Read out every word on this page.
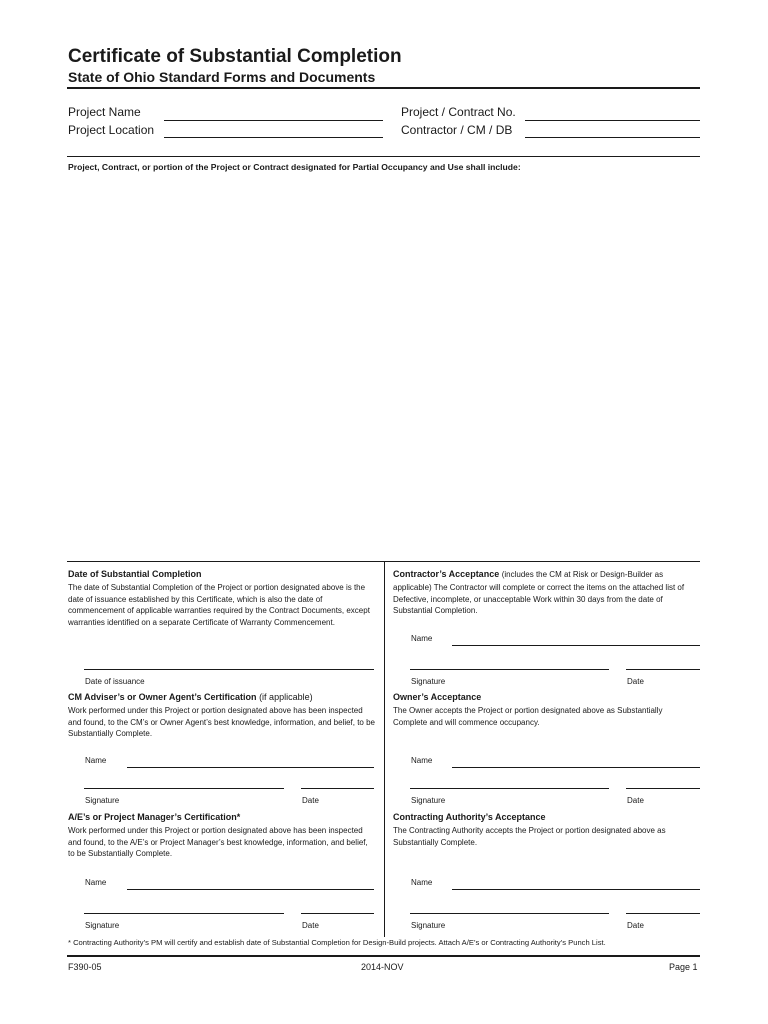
Certificate of Substantial Completion
State of Ohio Standard Forms and Documents
Project Name
Project Location
Project / Contract No.
Contractor / CM / DB
Project, Contract, or portion of the Project or Contract designated for Partial Occupancy and Use shall include:
Date of Substantial Completion
The date of Substantial Completion of the Project or portion designated above is the date of issuance established by this Certificate, which is also the date of commencement of applicable warranties required by the Contract Documents, except warranties identified on a separate Certificate of Warranty Commencement.
Date of issuance
CM Adviser’s or Owner Agent’s Certification (if applicable)
Work performed under this Project or portion designated above has been inspected and found, to the CM’s or Owner Agent’s best knowledge, information, and belief, to be Substantially Complete.
Name
Signature	Date
A/E’s or Project Manager’s Certification*
Work performed under this Project or portion designated above has been inspected and found, to the A/E’s or Project Manager’s best knowledge, information, and belief, to be Substantially Complete.
Name
Signature	Date
Contractor’s Acceptance (includes the CM at Risk or Design-Builder as
applicable) The Contractor will complete or correct the items on the attached list of Defective, incomplete, or unacceptable Work within 30 days from the date of Substantial Completion.
Name
Signature	Date
Owner’s Acceptance
The Owner accepts the Project or portion designated above as Substantially Complete and will commence occupancy.
Name
Signature	Date
Contracting Authority’s Acceptance
The Contracting Authority accepts the Project or portion designated above as Substantially Complete.
Name
Signature	Date
* Contracting Authority’s PM will certify and establish date of Substantial Completion for Design-Build projects. Attach A/E’s or Contracting Authority’s Punch List.
F390-05	2014-NOV	Page 1
